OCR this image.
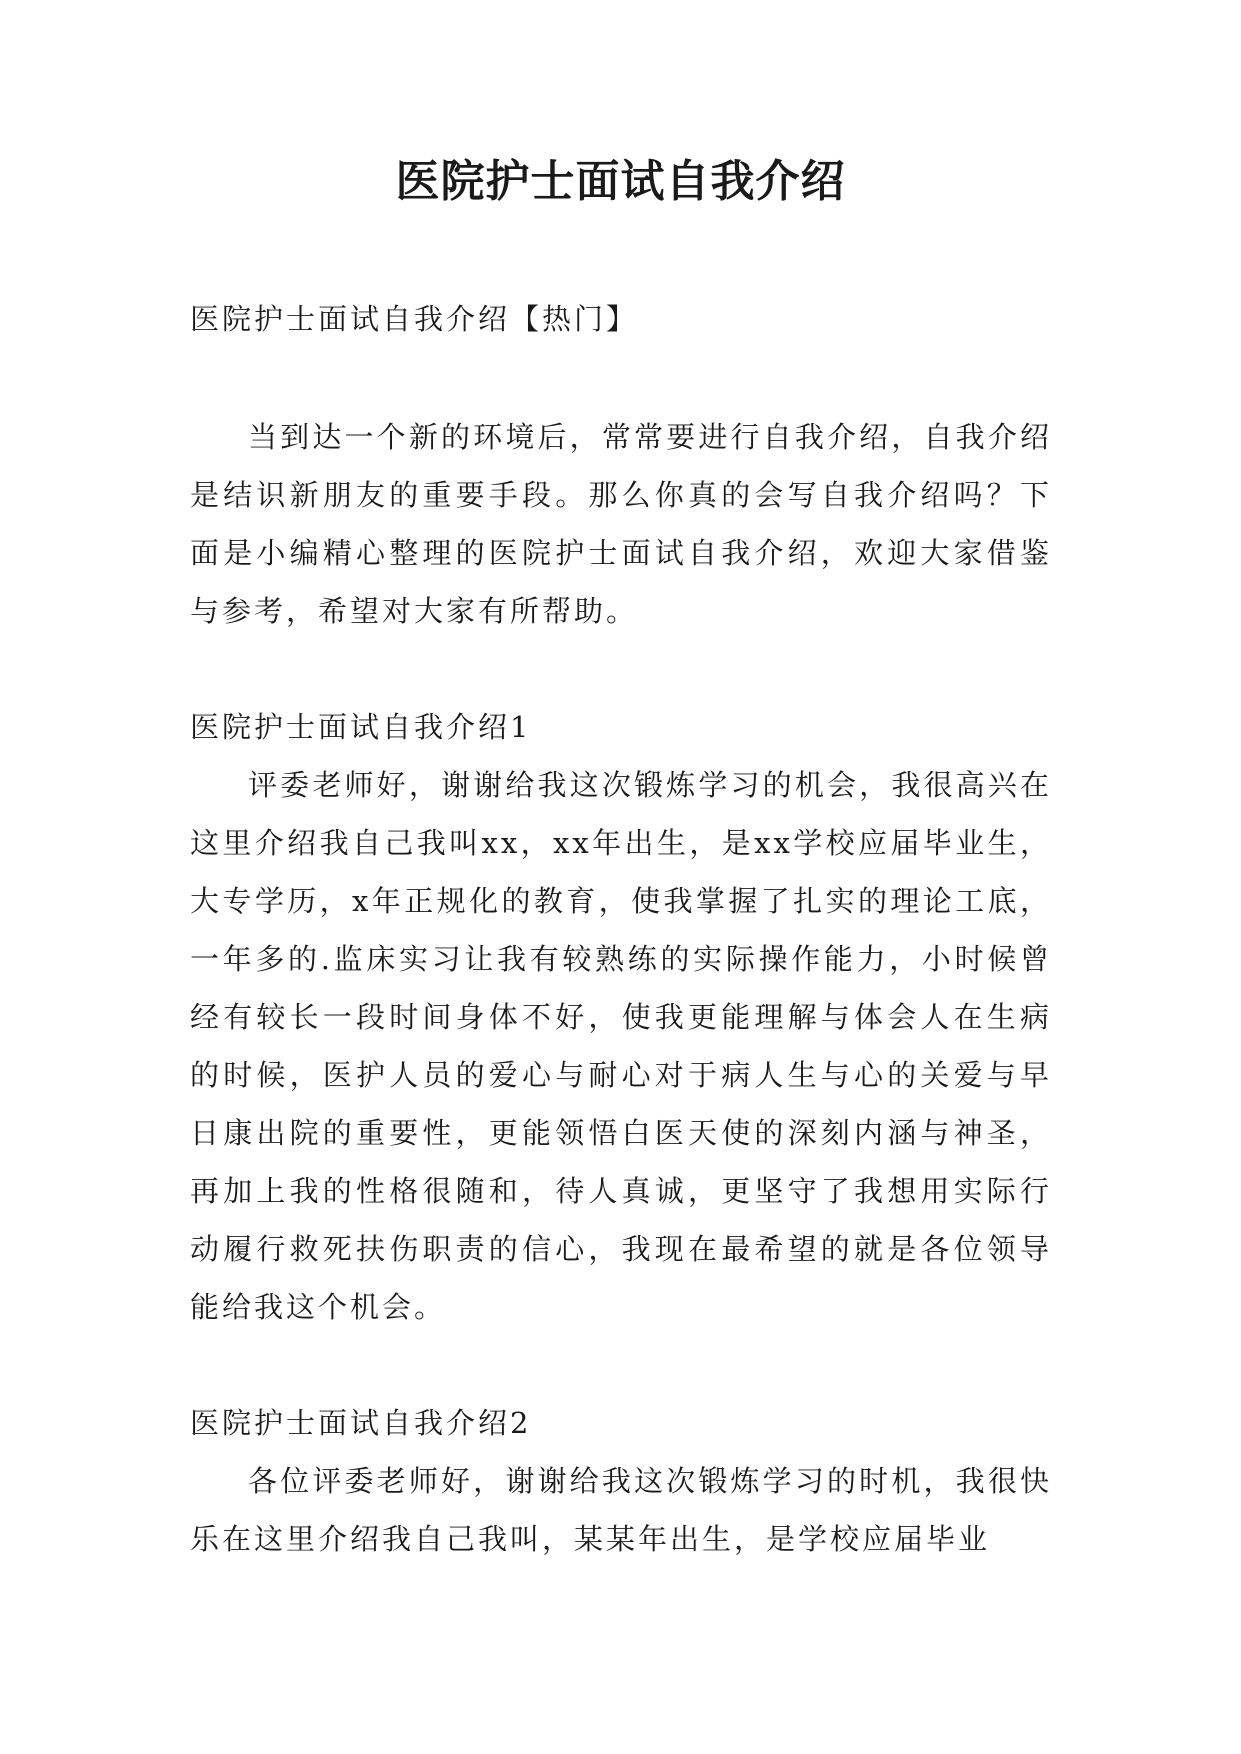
医院护士面试自我介绍

医院护士面试自我介绍【热门】

当到达一个新的环境后，常常要进行自我介绍，自我介绍是结识新朋友的重要手段。那么你真的会写自我介绍吗？下面是小编精心整理的医院护士面试自我介绍，欢迎大家借鉴与参考，希望对大家有所帮助。

医院护士面试自我介绍1

评委老师好，谢谢给我这次锻炼学习的机会，我很高兴在这里介绍我自己我叫xx，xx年出生，是xx学校应届毕业生，大专学历，x年正规化的教育，使我掌握了扎实的理论工底，一年多的.监床实习让我有较熟练的实际操作能力，小时候曾经有较长一段时间身体不好，使我更能理解与体会人在生病的时候，医护人员的爱心与耐心对于病人生与心的关爱与早日康出院的重要性，更能领悟白医天使的深刻内涵与神圣，再加上我的性格很随和，待人真诚，更坚守了我想用实际行动履行救死扶伤职责的信心，我现在最希望的就是各位领导能给我这个机会。

医院护士面试自我介绍2

各位评委老师好，谢谢给我这次锻炼学习的时机，我很快乐在这里介绍我自己我叫，某某年出生，是学校应届毕业
